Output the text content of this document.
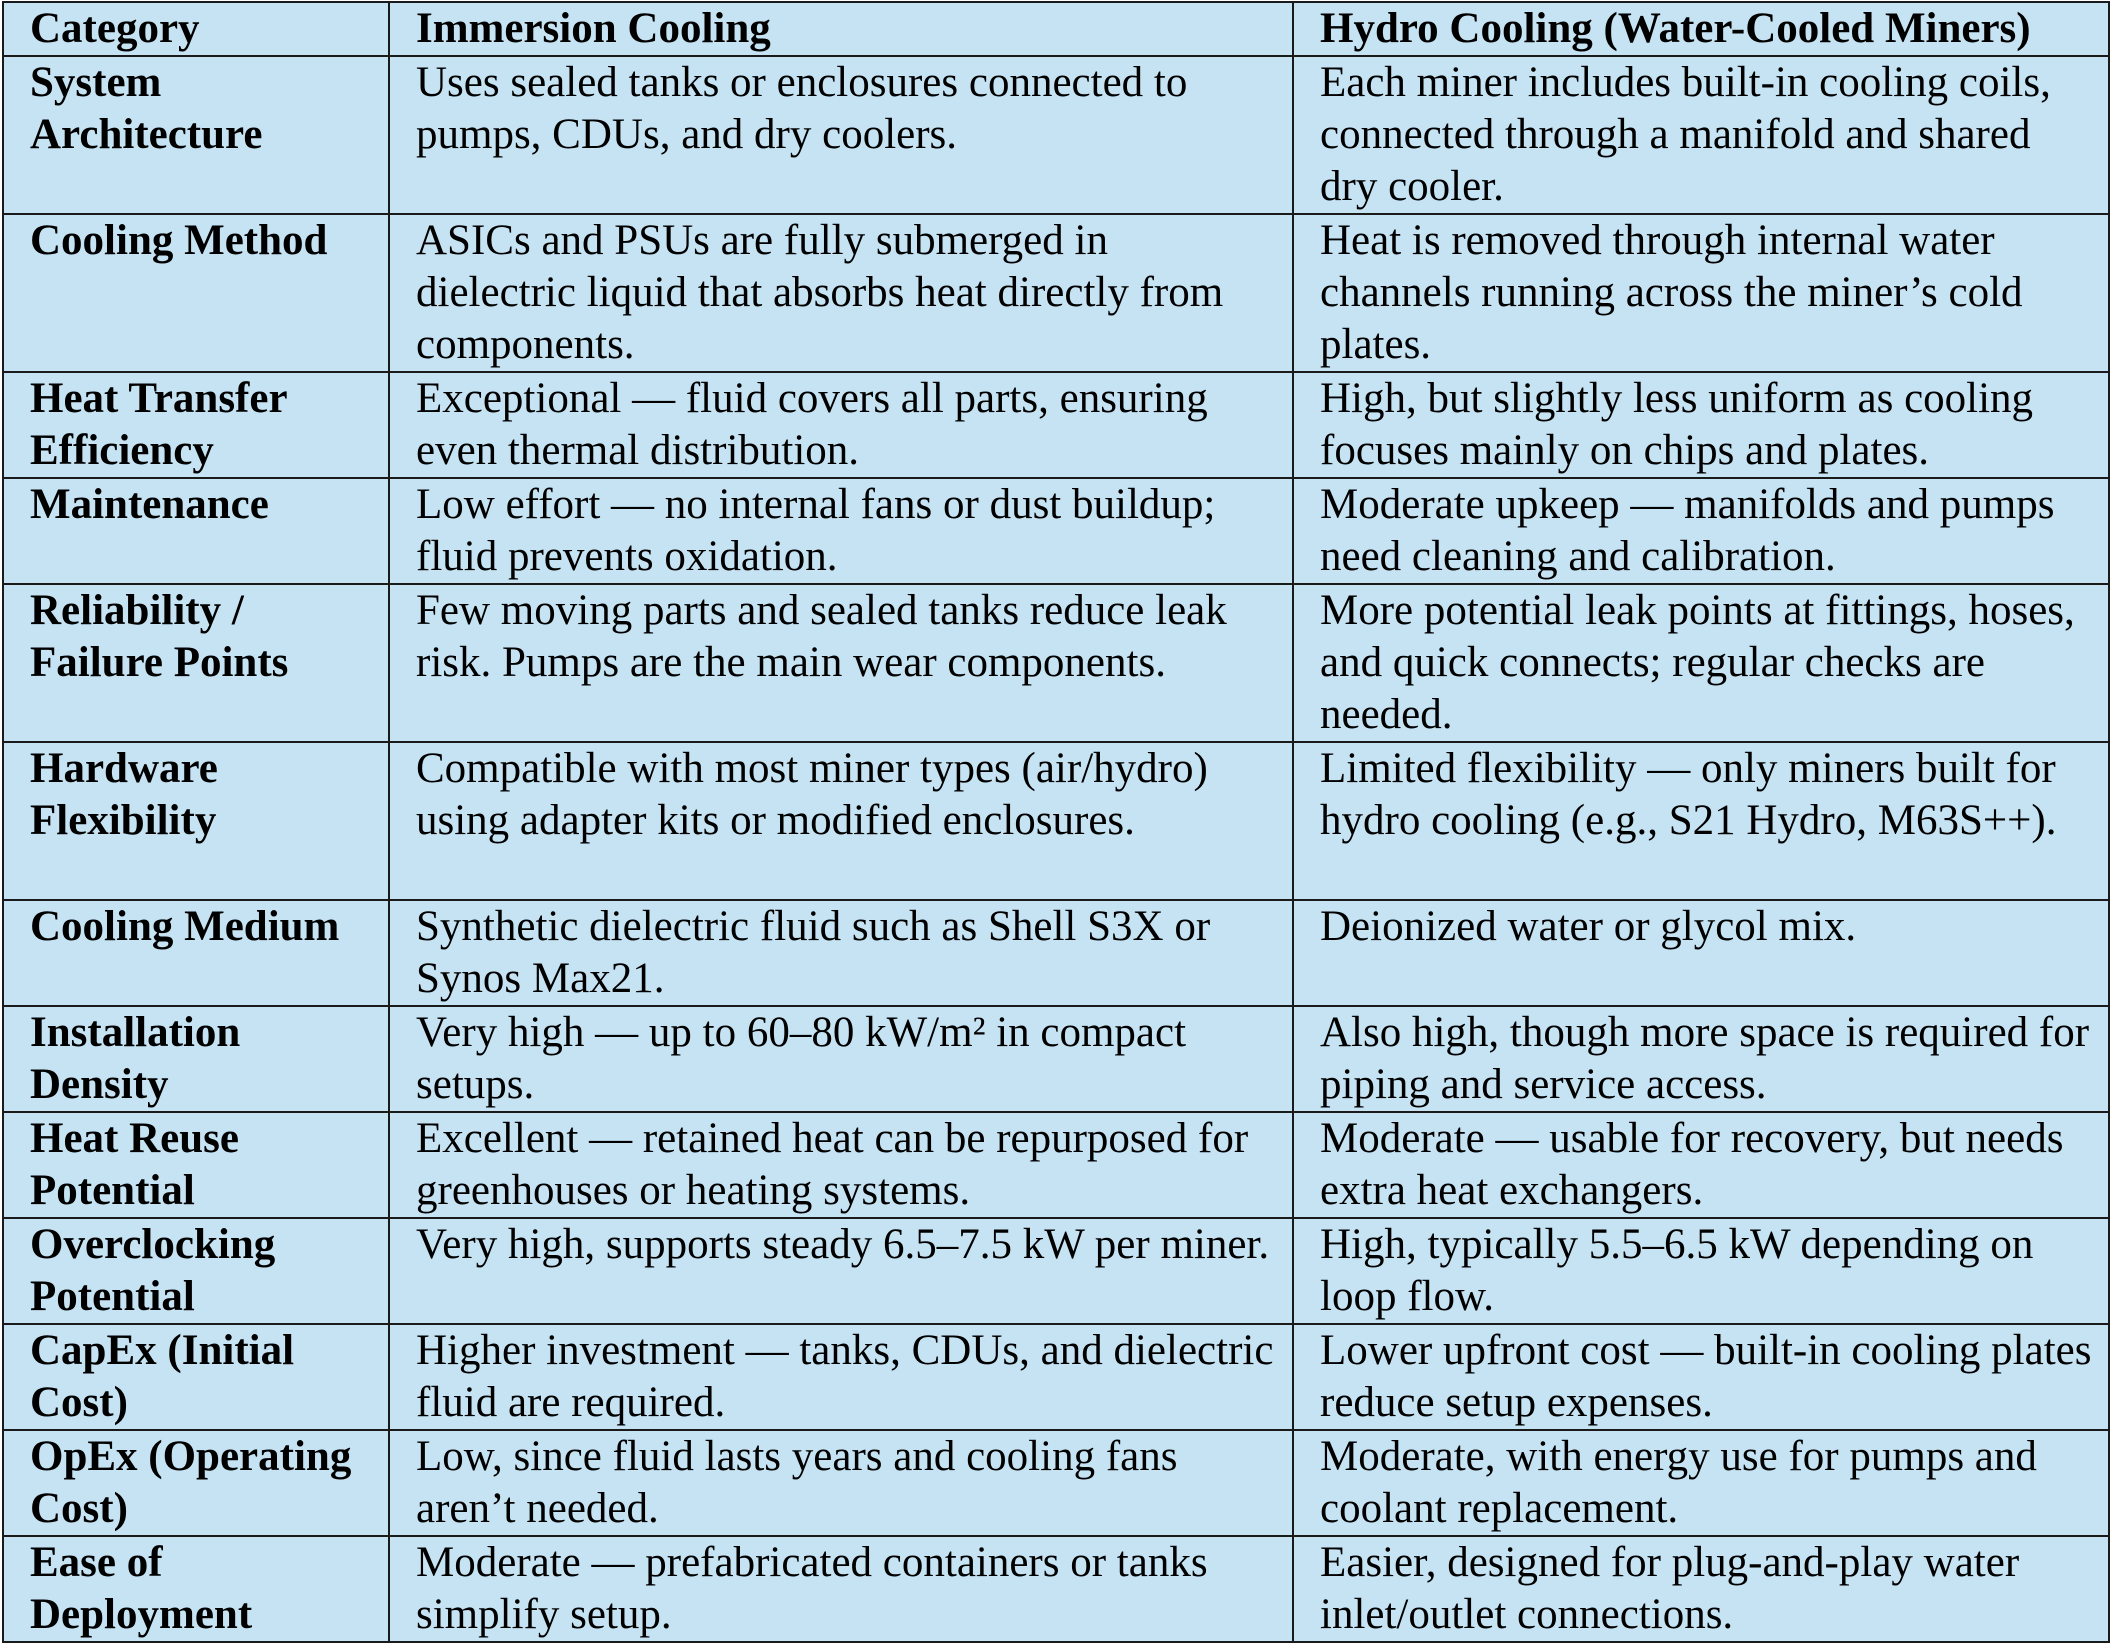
Category	Immersion Cooling	Hydro Cooling (Water-Cooled Miners)
System Architecture	Uses sealed tanks or enclosures connected to pumps, CDUs, and dry coolers.	Each miner includes built-in cooling coils, connected through a manifold and shared dry cooler.
Cooling Method	ASICs and PSUs are fully submerged in dielectric liquid that absorbs heat directly from components.	Heat is removed through internal water channels running across the miner’s cold plates.
Heat Transfer Efficiency	Exceptional — fluid covers all parts, ensuring even thermal distribution.	High, but slightly less uniform as cooling focuses mainly on chips and plates.
Maintenance	Low effort — no internal fans or dust buildup; fluid prevents oxidation.	Moderate upkeep — manifolds and pumps need cleaning and calibration.
Reliability / Failure Points	Few moving parts and sealed tanks reduce leak risk. Pumps are the main wear components.	More potential leak points at fittings, hoses, and quick connects; regular checks are needed.
Hardware Flexibility	Compatible with most miner types (air/hydro) using adapter kits or modified enclosures.	Limited flexibility — only miners built for hydro cooling (e.g., S21 Hydro, M63S++).
Cooling Medium	Synthetic dielectric fluid such as Shell S3X or Synos Max21.	Deionized water or glycol mix.
Installation Density	Very high — up to 60–80 kW/m² in compact setups.	Also high, though more space is required for piping and service access.
Heat Reuse Potential	Excellent — retained heat can be repurposed for greenhouses or heating systems.	Moderate — usable for recovery, but needs extra heat exchangers.
Overclocking Potential	Very high, supports steady 6.5–7.5 kW per miner.	High, typically 5.5–6.5 kW depending on loop flow.
CapEx (Initial Cost)	Higher investment — tanks, CDUs, and dielectric fluid are required.	Lower upfront cost — built-in cooling plates reduce setup expenses.
OpEx (Operating Cost)	Low, since fluid lasts years and cooling fans aren’t needed.	Moderate, with energy use for pumps and coolant replacement.
Ease of Deployment	Moderate — prefabricated containers or tanks simplify setup.	Easier, designed for plug-and-play water inlet/outlet connections.
